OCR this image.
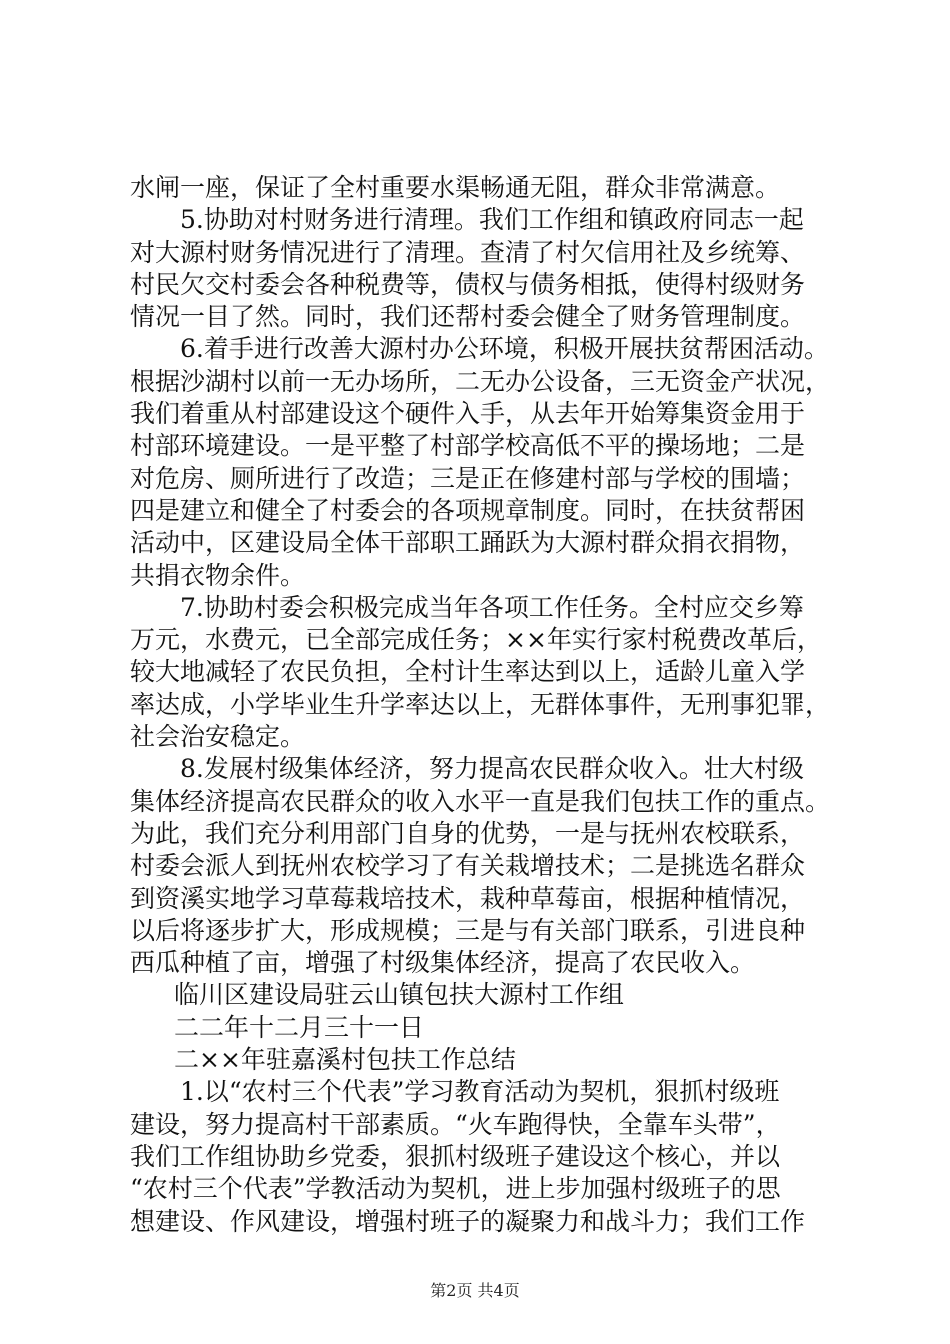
水闸一座，保证了全村重要水渠畅通无阻，群众非常满意。
5.协助对村财务进行清理。我们工作组和镇政府同志一起
对大源村财务情况进行了清理。查清了村欠信用社及乡统筹、
村民欠交村委会各种税费等，债权与债务相抵，使得村级财务
情况一目了然。同时，我们还帮村委会健全了财务管理制度。
6.着手进行改善大源村办公环境，积极开展扶贫帮困活动。
根据沙湖村以前一无办场所，二无办公设备，三无资金产状况，
我们着重从村部建设这个硬件入手，从去年开始筹集资金用于
村部环境建设。一是平整了村部学校高低不平的操场地；二是
对危房、厕所进行了改造；三是正在修建村部与学校的围墙；
四是建立和健全了村委会的各项规章制度。同时，在扶贫帮困
活动中，区建设局全体干部职工踊跃为大源村群众捐衣捐物，
共捐衣物余件。
7.协助村委会积极完成当年各项工作任务。全村应交乡筹
万元，水费元，已全部完成任务；××年实行家村税费改革后，
较大地减轻了农民负担，全村计生率达到以上，适龄儿童入学
率达成，小学毕业生升学率达以上，无群体事件，无刑事犯罪，
社会治安稳定。
8.发展村级集体经济，努力提高农民群众收入。壮大村级
集体经济提高农民群众的收入水平一直是我们包扶工作的重点。
为此，我们充分利用部门自身的优势，一是与抚州农校联系，
村委会派人到抚州农校学习了有关栽增技术；二是挑选名群众
到资溪实地学习草莓栽培技术，栽种草莓亩，根据种植情况，
以后将逐步扩大，形成规模；三是与有关部门联系，引进良种
西瓜种植了亩，增强了村级集体经济，提高了农民收入。
临川区建设局驻云山镇包扶大源村工作组
二二年十二月三十一日
二××年驻嘉溪村包扶工作总结
1.以“农村三个代表”学习教育活动为契机，狠抓村级班
建设，努力提高村干部素质。“火车跑得快，全靠车头带”，
我们工作组协助乡党委，狠抓村级班子建设这个核心，并以
“农村三个代表”学教活动为契机，进上步加强村级班子的思
想建设、作风建设，增强村班子的凝聚力和战斗力；我们工作
第2页 共4页
